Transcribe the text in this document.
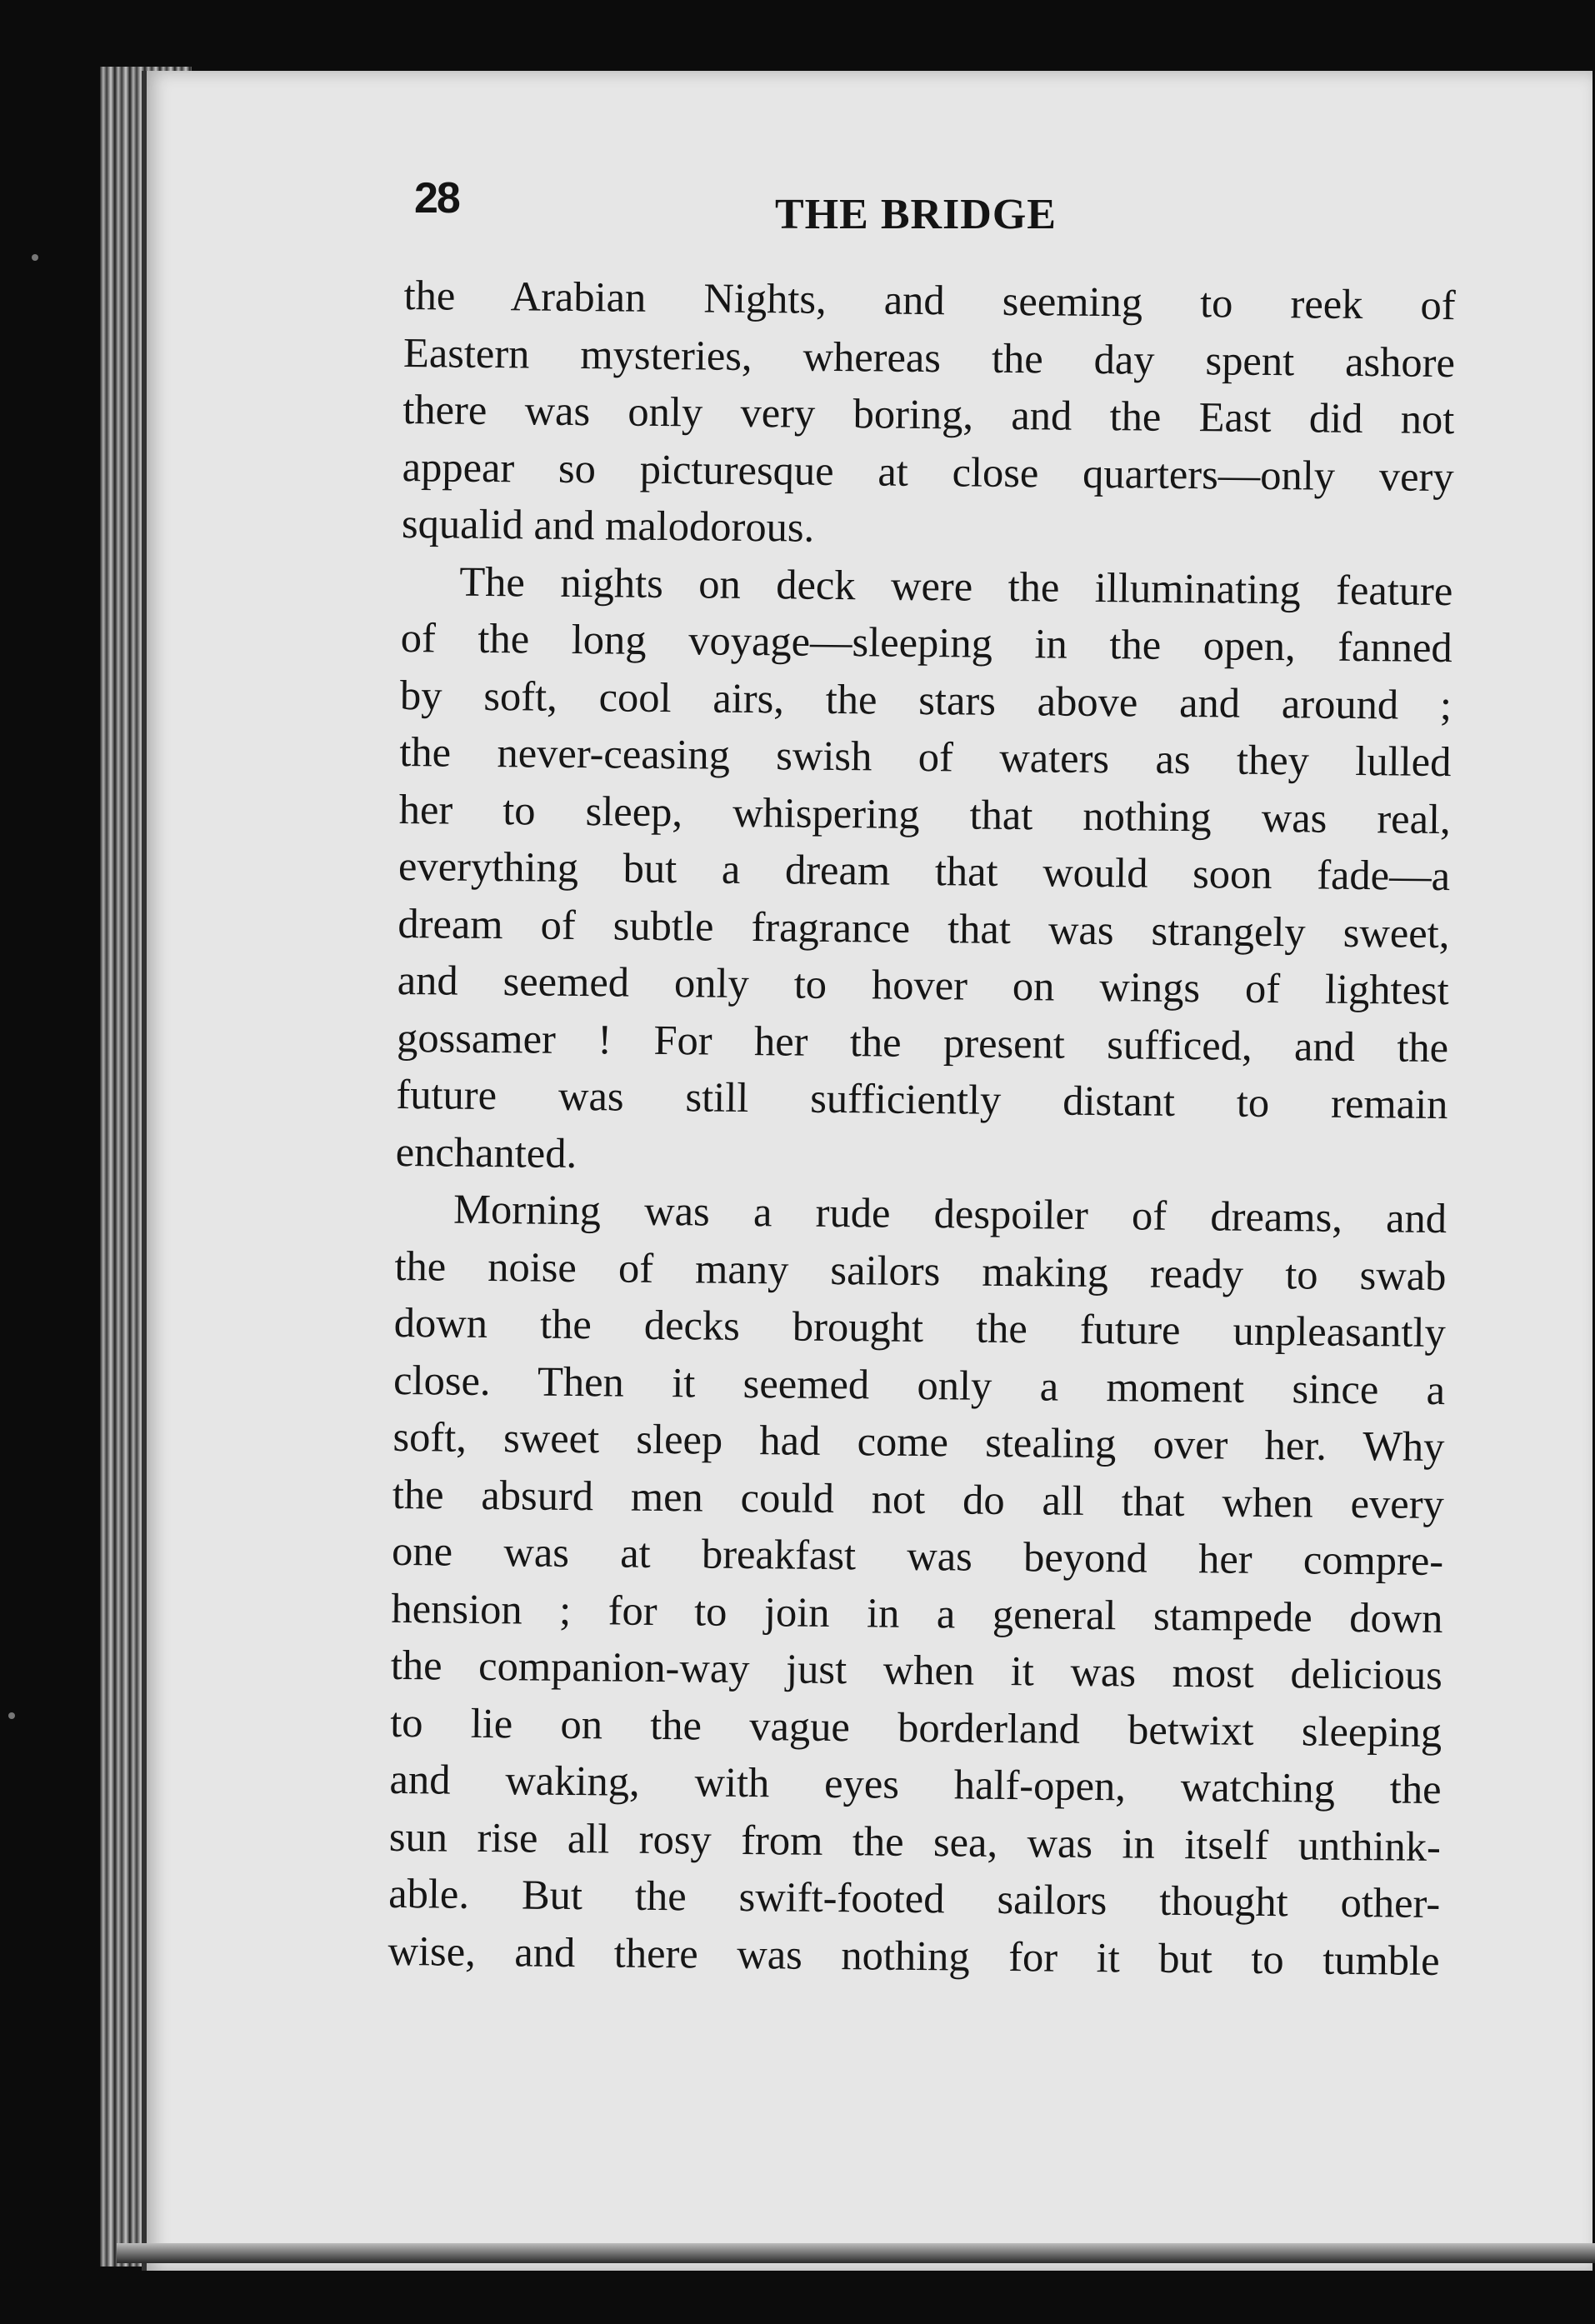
28	THE BRIDGE

the Arabian Nights, and seeming to reek of
Eastern mysteries, whereas the day spent ashore
there was only very boring, and the East did not
appear so picturesque at close quarters—only very
squalid and malodorous.

The nights on deck were the illuminating feature
of the long voyage—sleeping in the open, fanned
by soft, cool airs, the stars above and around ;
the never-ceasing swish of waters as they lulled
her to sleep, whispering that nothing was real,
everything but a dream that would soon fade—a
dream of subtle fragrance that was strangely sweet,
and seemed only to hover on wings of lightest
gossamer ! For her the present sufficed, and the
future was still sufficiently distant to remain
enchanted.

Morning was a rude despoiler of dreams, and
the noise of many sailors making ready to swab
down the decks brought the future unpleasantly
close. Then it seemed only a moment since a
soft, sweet sleep had come stealing over her. Why
the absurd men could not do all that when every
one was at breakfast was beyond her compre-
hension ; for to join in a general stampede down
the companion-way just when it was most delicious
to lie on the vague borderland betwixt sleeping
and waking, with eyes half-open, watching the
sun rise all rosy from the sea, was in itself unthink-
able. But the swift-footed sailors thought other-
wise, and there was nothing for it but to tumble
